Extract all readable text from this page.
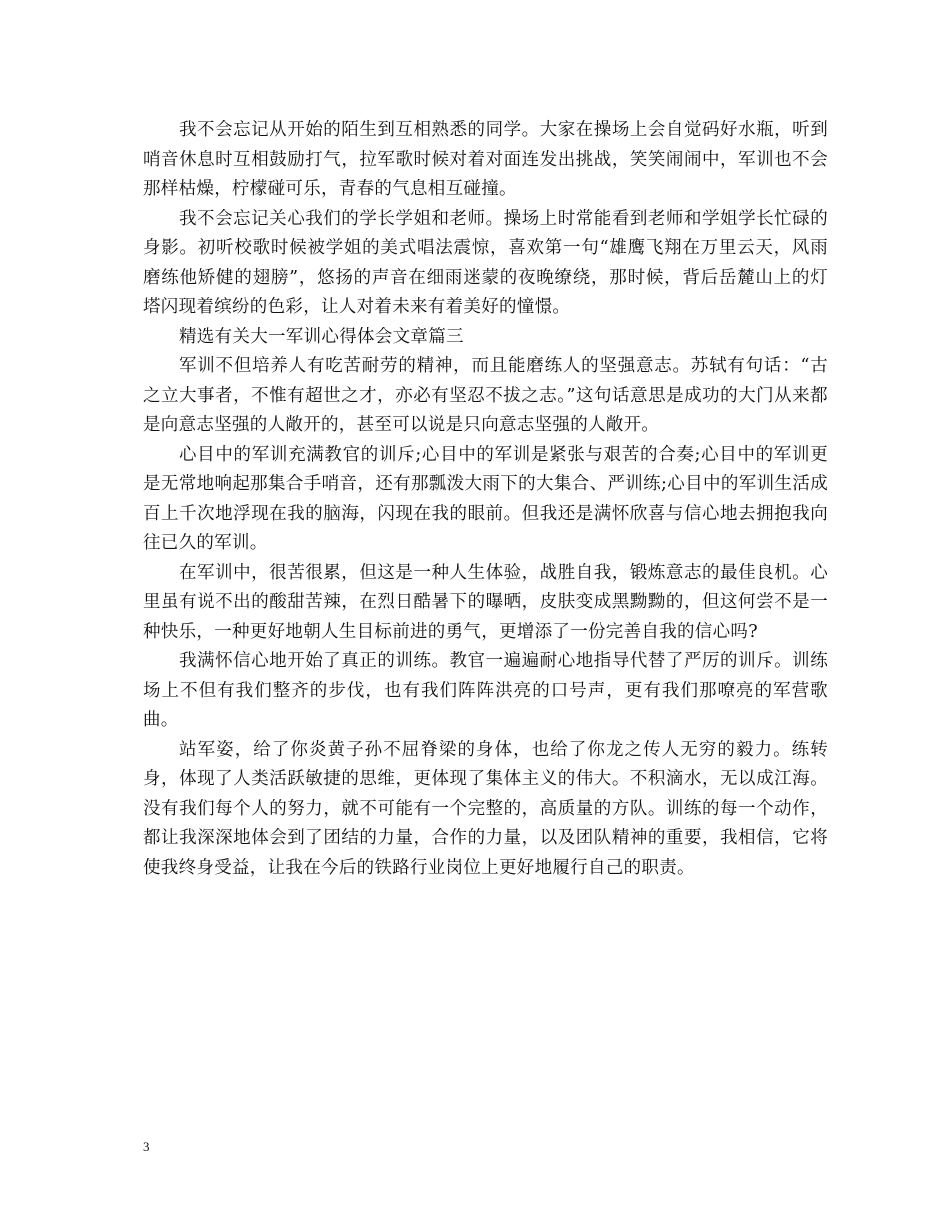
我不会忘记从开始的陌生到互相熟悉的同学。大家在操场上会自觉码好水瓶，听到哨音休息时互相鼓励打气，拉军歌时候对着对面连发出挑战，笑笑闹闹中，军训也不会那样枯燥，柠檬碰可乐，青春的气息相互碰撞。

我不会忘记关心我们的学长学姐和老师。操场上时常能看到老师和学姐学长忙碌的身影。初听校歌时候被学姐的美式唱法震惊，喜欢第一句“雄鹰飞翔在万里云天，风雨磨练他矫健的翅膀”，悠扬的声音在细雨迷蒙的夜晚缭绕，那时候，背后岳麓山上的灯塔闪现着缤纷的色彩，让人对着未来有着美好的憧憬。

精选有关大一军训心得体会文章篇三

军训不但培养人有吃苦耐劳的精神，而且能磨练人的坚强意志。苏轼有句话：“古之立大事者，不惟有超世之才，亦必有坚忍不拔之志。”这句话意思是成功的大门从来都是向意志坚强的人敞开的，甚至可以说是只向意志坚强的人敞开。

心目中的军训充满教官的训斥;心目中的军训是紧张与艰苦的合奏;心目中的军训更是无常地响起那集合手哨音，还有那瓢泼大雨下的大集合、严训练;心目中的军训生活成百上千次地浮现在我的脑海，闪现在我的眼前。但我还是满怀欣喜与信心地去拥抱我向往已久的军训。

在军训中，很苦很累，但这是一种人生体验，战胜自我，锻炼意志的最佳良机。心里虽有说不出的酸甜苦辣，在烈日酷暑下的曝晒，皮肤变成黑黝黝的，但这何尝不是一种快乐，一种更好地朝人生目标前进的勇气，更增添了一份完善自我的信心吗?

我满怀信心地开始了真正的训练。教官一遍遍耐心地指导代替了严厉的训斥。训练场上不但有我们整齐的步伐，也有我们阵阵洪亮的口号声，更有我们那嘹亮的军营歌曲。

站军姿，给了你炎黄子孙不屈脊梁的身体，也给了你龙之传人无穷的毅力。练转身，体现了人类活跃敏捷的思维，更体现了集体主义的伟大。不积滴水，无以成江海。没有我们每个人的努力，就不可能有一个完整的，高质量的方队。训练的每一个动作，都让我深深地体会到了团结的力量，合作的力量，以及团队精神的重要，我相信，它将使我终身受益，让我在今后的铁路行业岗位上更好地履行自己的职责。

3
